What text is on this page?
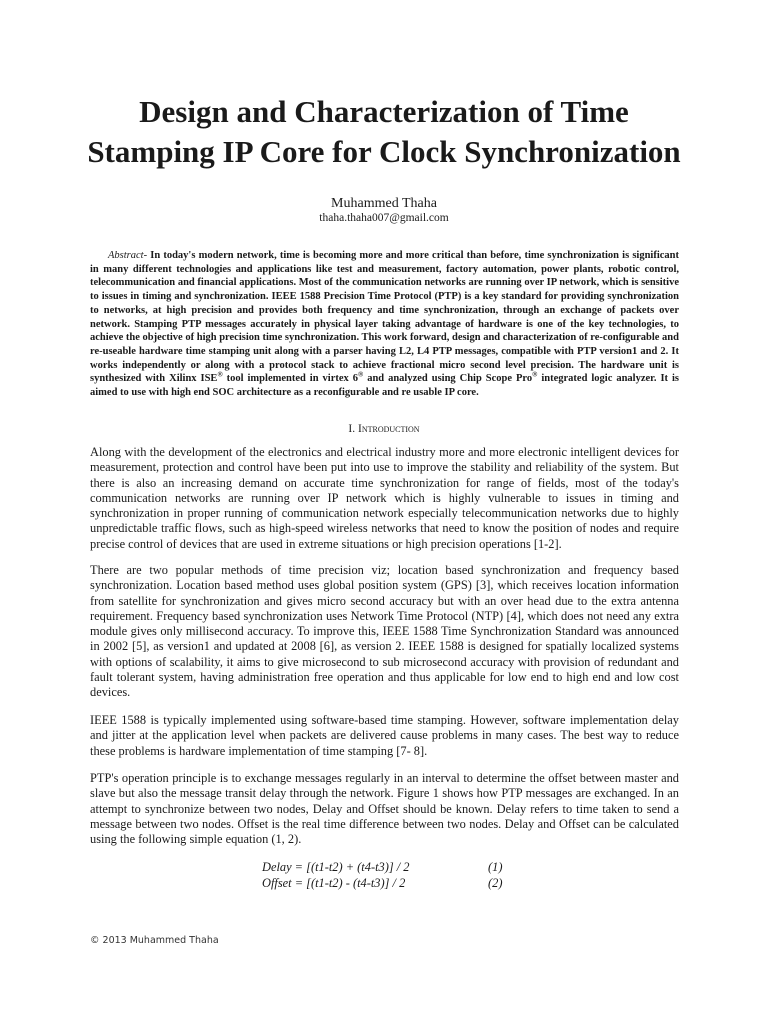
Design and Characterization of Time
Stamping IP Core for Clock Synchronization
Muhammed Thaha
thaha.thaha007@gmail.com

Abstract- In today's modern network, time is becoming more and more critical than before, time synchronization is significant in many different technologies and applications like test and measurement, factory automation, power plants, robotic control, telecommunication and financial applications. Most of the communication networks are running over IP network, which is sensitive to issues in timing and synchronization. IEEE 1588 Precision Time Protocol (PTP) is a key standard for providing synchronization to networks, at high precision and provides both frequency and time synchronization, through an exchange of packets over network. Stamping PTP messages accurately in physical layer taking advantage of hardware is one of the key technologies, to achieve the objective of high precision time synchronization. This work forward, design and characterization of re-configurable and re-useable hardware time stamping unit along with a parser having L2, L4 PTP messages, compatible with PTP version1 and 2. It works independently or along with a protocol stack to achieve fractional micro second level precision. The hardware unit is synthesized with Xilinx ISE® tool implemented in virtex 6® and analyzed using Chip Scope Pro® integrated logic analyzer. It is aimed to use with high end SOC architecture as a reconfigurable and re usable IP core.

I. Introduction

Along with the development of the electronics and electrical industry more and more electronic intelligent devices for measurement, protection and control have been put into use to improve the stability and reliability of the system. But there is also an increasing demand on accurate time synchronization for range of fields, most of the today's communication networks are running over IP network which is highly vulnerable to issues in timing and synchronization in proper running of communication network especially telecommunication networks due to highly unpredictable traffic flows, such as high-speed wireless networks that need to know the position of nodes and require precise control of devices that are used in extreme situations or high precision operations [1-2].

There are two popular methods of time precision viz; location based synchronization and frequency based synchronization. Location based method uses global position system (GPS) [3], which receives location information from satellite for synchronization and gives micro second accuracy but with an over head due to the extra antenna requirement. Frequency based synchronization uses Network Time Protocol (NTP) [4], which does not need any extra module gives only millisecond accuracy. To improve this, IEEE 1588 Time Synchronization Standard was announced in 2002 [5], as version1 and updated at 2008 [6], as version 2. IEEE 1588 is designed for spatially localized systems with options of scalability, it aims to give microsecond to sub microsecond accuracy with provision of redundant and fault tolerant system, having administration free operation and thus applicable for low end to high end and low cost devices.

IEEE 1588 is typically implemented using software-based time stamping. However, software implementation delay and jitter at the application level when packets are delivered cause problems in many cases. The best way to reduce these problems is hardware implementation of time stamping [7- 8].

PTP's operation principle is to exchange messages regularly in an interval to determine the offset between master and slave but also the message transit delay through the network. Figure 1 shows how PTP messages are exchanged. In an attempt to synchronize between two nodes, Delay and Offset should be known. Delay refers to time taken to send a message between two nodes. Offset is the real time difference between two nodes. Delay and Offset can be calculated using the following simple equation (1, 2).

Delay = [(t1-t2) + (t4-t3)] / 2	(1)
Offset = [(t1-t2) - (t4-t3)] / 2	(2)
© 2013 Muhammed Thaha
